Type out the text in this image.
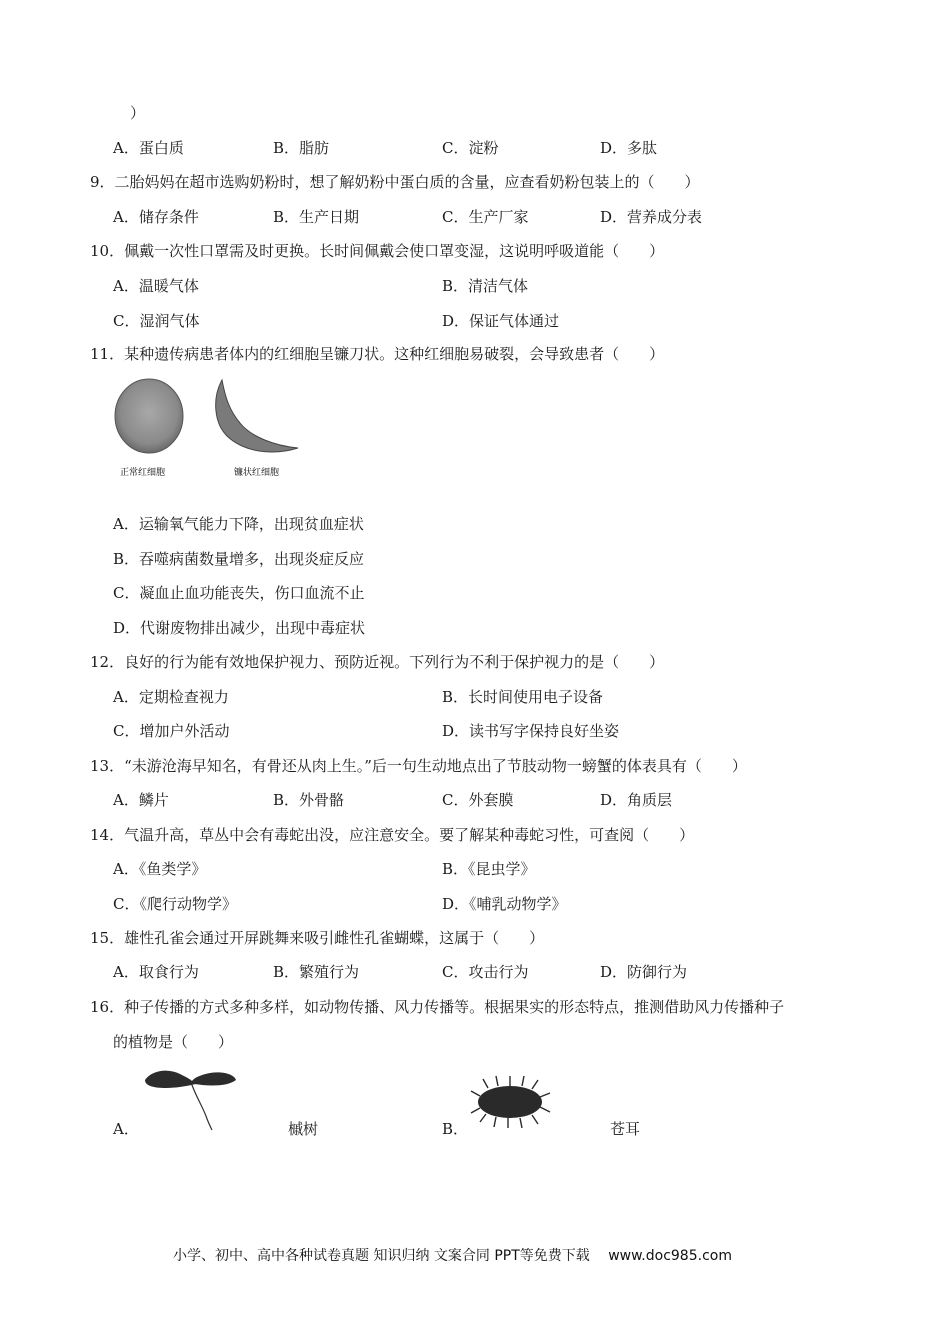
）
A．蛋白质	B．脂肪	C．淀粉	D．多肽
9．二胎妈妈在超市选购奶粉时，想了解奶粉中蛋白质的含量，应查看奶粉包装上的（　　）
A．储存条件	B．生产日期	C．生产厂家	D．营养成分表
10．佩戴一次性口罩需及时更换。长时间佩戴会使口罩变湿，这说明呼吸道能（　　）
A．温暖气体	B．清洁气体
C．湿润气体	D．保证气体通过
11．某种遗传病患者体内的红细胞呈镰刀状。这种红细胞易破裂，会导致患者（　　）
正常红细胞	镰状红细胞
A．运输氧气能力下降，出现贫血症状
B．吞噬病菌数量增多，出现炎症反应
C．凝血止血功能丧失，伤口血流不止
D．代谢废物排出减少，出现中毒症状
12．良好的行为能有效地保护视力、预防近视。下列行为不利于保护视力的是（　　）
A．定期检查视力	B．长时间使用电子设备
C．增加户外活动	D．读书写字保持良好坐姿
13．“未游沧海早知名，有骨还从肉上生。”后一句生动地点出了节肢动物一螃蟹的体表具有（　　）
A．鳞片	B．外骨骼	C．外套膜	D．角质层
14．气温升高，草丛中会有毒蛇出没，应注意安全。要了解某种毒蛇习性，可查阅（　　）
A．《鱼类学》	B．《昆虫学》
C．《爬行动物学》	D．《哺乳动物学》
15．雄性孔雀会通过开屏跳舞来吸引雌性孔雀蝴蝶，这属于（　　）
A．取食行为	B．繁殖行为	C．攻击行为	D．防御行为
16．种子传播的方式多种多样，如动物传播、风力传播等。根据果实的形态特点，推测借助风力传播种子
的植物是（　　）
A．	槭树	B．	苍耳
小学、初中、高中各种试卷真题 知识归纳 文案合同 PPT等免费下载　 www.doc985.com
